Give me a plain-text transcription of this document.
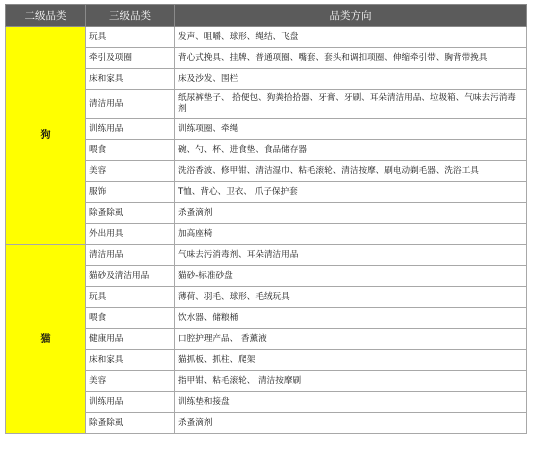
二级品类	三级品类	品类方向
狗	玩具	发声、咀嚼、球形、绳结、飞盘
	牵引及项圈	背心式挽具、挂牌、普通项圈、嘴套、套头和调扣项圈、伸缩牵引带、胸背带挽具
	床和家具	床及沙发、围栏
	清洁用品	纸尿裤垫子、 拾便包、狗粪拾拾器、牙膏、牙刷、耳朵清洁用品、垃圾箱、气味去污消毒剂
	训练用品	训练项圈、牵绳
	喂食	碗、勺、杯、进食垫、食品储存器
	美容	洗浴香波、修甲钳、清洁湿巾、粘毛滚轮、清洁按摩、刷电动剃毛器、洗浴工具
	服饰	T恤、背心、卫衣、 爪子保护套
	除蚤除虱	杀蚤滴剂
	外出用具	加高座椅
猫	清洁用品	气味去污消毒剂、耳朵清洁用品
	猫砂及清洁用品	猫砂-标准砂盘
	玩具	薄荷、羽毛、球形、毛绒玩具
	喂食	饮水器、储粮桶
	健康用品	口腔护理产品、 香薰液
	床和家具	猫抓板、抓柱、爬架
	美容	指甲钳、粘毛滚轮、 清洁按摩刷
	训练用品	训练垫和接盘
	除蚤除虱	杀蚤滴剂
